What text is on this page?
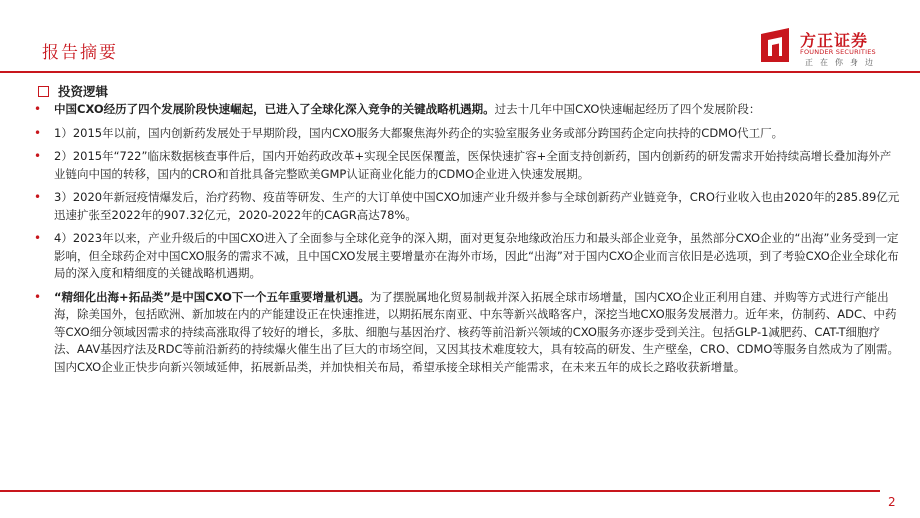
报告摘要
方正证券
FOUNDER SECURITIES
正在你身边
投资逻辑
• 中国CXO经历了四个发展阶段快速崛起，已进入了全球化深入竞争的关键战略机遇期。过去十几年中国CXO快速崛起经历了四个发展阶段：
• 1）2015年以前，国内创新药发展处于早期阶段，国内CXO服务大都聚焦海外药企的实验室服务业务或部分跨国药企定向扶持的CDMO代工厂。
• 2）2015年“722”临床数据核查事件后，国内开始药政改革+实现全民医保覆盖，医保快速扩容+全面支持创新药，国内创新药的研发需求开始持续高增长叠加海外产业链向中国的转移，国内的CRO和首批具备完整欧美GMP认证商业化能力的CDMO企业进入快速发展期。
• 3）2020年新冠疫情爆发后，治疗药物、疫苗等研发、生产的大订单使中国CXO加速产业升级并参与全球创新药产业链竞争，CRO行业收入也由2020年的285.89亿元迅速扩张至2022年的907.32亿元，2020-2022年的CAGR高达78%。
• 4）2023年以来，产业升级后的中国CXO进入了全面参与全球化竞争的深入期，面对更复杂地缘政治压力和最头部企业竞争，虽然部分CXO企业的“出海”业务受到一定影响，但全球药企对中国CXO服务的需求不减，且中国CXO发展主要增量亦在海外市场，因此“出海”对于国内CXO企业而言依旧是必选项，到了考验CXO企业全球化布局的深入度和精细度的关键战略机遇期。
• “精细化出海+拓品类”是中国CXO下一个五年重要增量机遇。为了摆脱属地化贸易制裁并深入拓展全球市场增量，国内CXO企业正利用自建、并购等方式进行产能出海，除美国外，包括欧洲、新加坡在内的产能建设正在快速推进，以期拓展东南亚、中东等新兴战略客户，深挖当地CXO服务发展潜力。近年来，仿制药、ADC、中药等CXO细分领域因需求的持续高涨取得了较好的增长，多肽、细胞与基因治疗、核药等前沿新兴领域的CXO服务亦逐步受到关注。包括GLP-1减肥药、CAT-T细胞疗法、AAV基因疗法及RDC等前沿新药的持续爆火催生出了巨大的市场空间，又因其技术难度较大，具有较高的研发、生产壁垒，CRO、CDMO等服务自然成为了刚需。国内CXO企业正快步向新兴领域延伸，拓展新品类，并加快相关布局，希望承接全球相关产能需求，在未来五年的成长之路收获新增量。
2
